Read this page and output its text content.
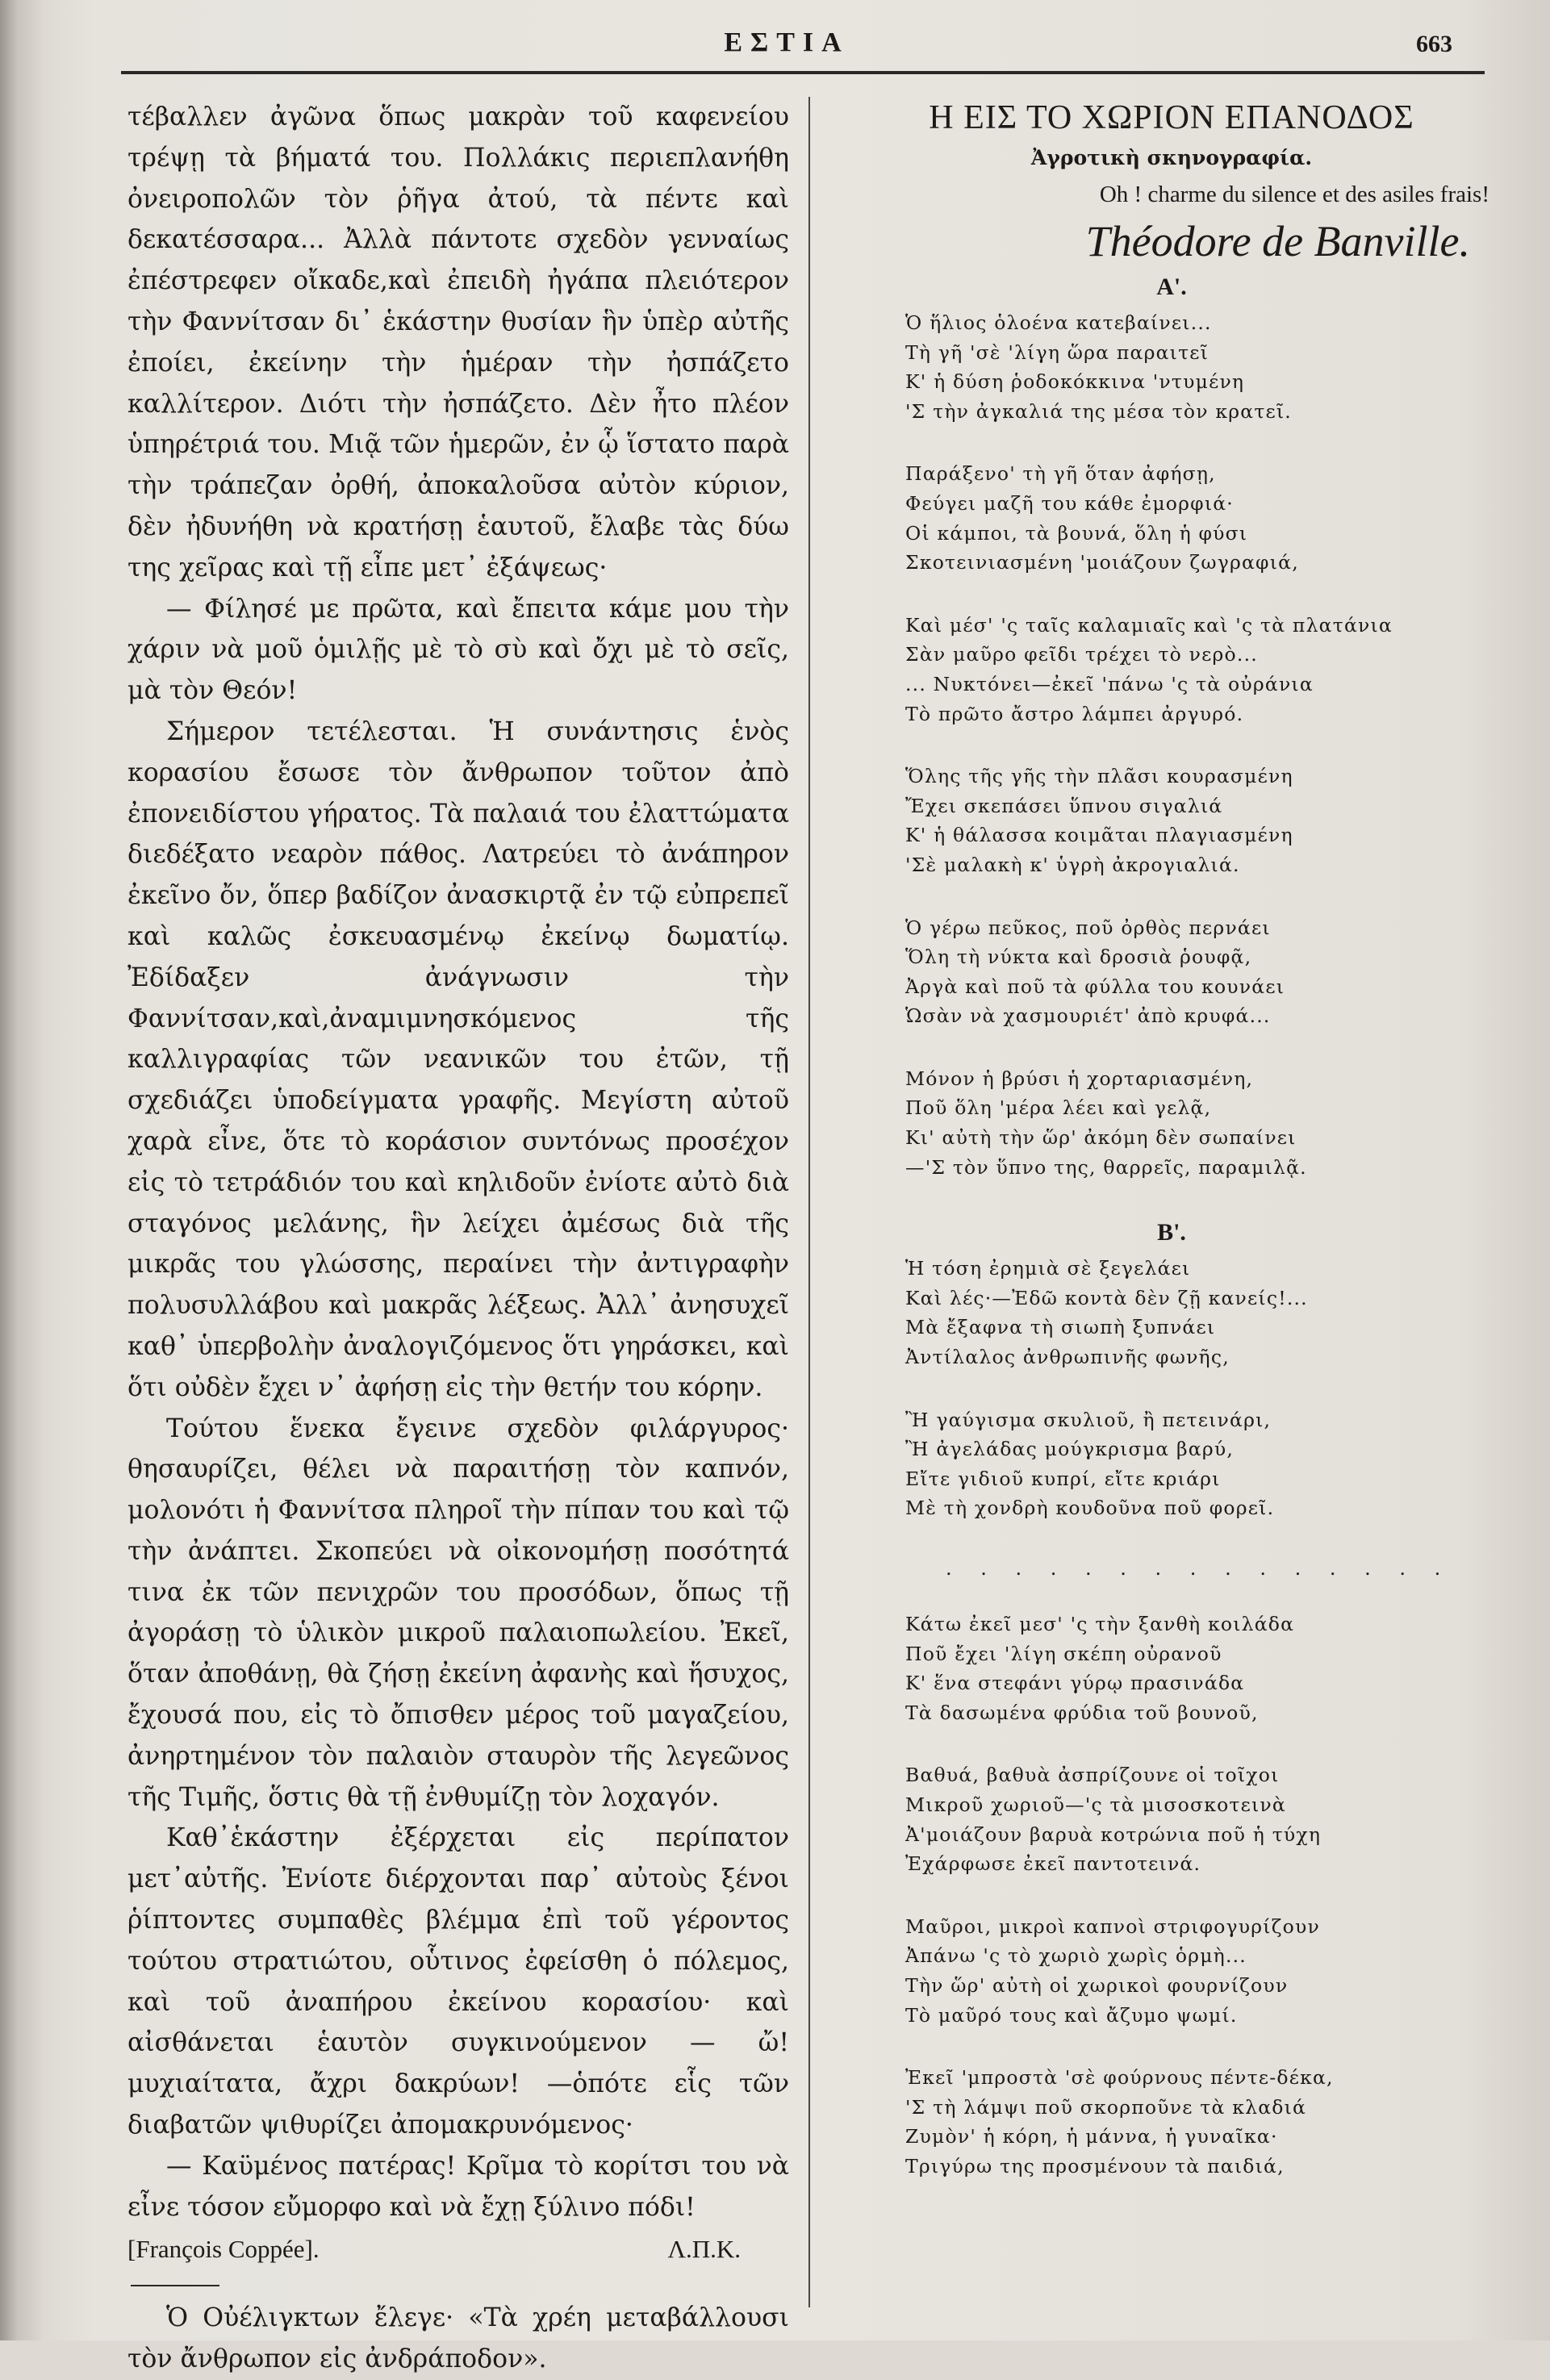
ΕΣΤΙΑ	663

τέβαλλεν ἀγῶνα ὅπως μακρὰν τοῦ καφενείου τρέψῃ τὰ βήματά του. Πολλάκις περιεπλανήθη ὀνειροπολῶν τὸν ῥῆγα ἀτού, τὰ πέντε καὶ δεκατέσσαρα... Ἀλλὰ πάντοτε σχεδὸν γενναίως ἐπέστρεφεν οἴκαδε,καὶ ἐπειδὴ ἠγάπα πλειότερον τὴν Φαννίτσαν δι᾽ ἑκάστην θυσίαν ἣν ὑπὲρ αὐτῆς ἐποίει, ἐκείνην τὴν ἡμέραν τὴν ἠσπάζετο καλλίτερον. Διότι τὴν ἠσπάζετο. Δὲν ἦτο πλέον ὑπηρέτριά του. Μιᾷ τῶν ἡμερῶν, ἐν ᾧ ἵστατο παρὰ τὴν τράπεζαν ὀρθή, ἀποκαλοῦσα αὐτὸν κύριον, δὲν ἠδυνήθη νὰ κρατήσῃ ἑαυτοῦ, ἔλαβε τὰς δύω της χεῖρας καὶ τῇ εἶπε μετ᾽ ἐξάψεως·

— Φίλησέ με πρῶτα, καὶ ἔπειτα κάμε μου τὴν χάριν νὰ μοῦ ὁμιλῇς μὲ τὸ σὺ καὶ ὄχι μὲ τὸ σεῖς, μὰ τὸν Θεόν!

Σήμερον τετέλεσται. Ἡ συνάντησις ἑνὸς κορασίου ἔσωσε τὸν ἄνθρωπον τοῦτον ἀπὸ ἐπονειδίστου γήρατος. Τὰ παλαιά του ἐλαττώματα διεδέξατο νεαρὸν πάθος. Λατρεύει τὸ ἀνάπηρον ἐκεῖνο ὄν, ὅπερ βαδίζον ἀνασκιρτᾷ ἐν τῷ εὐπρεπεῖ καὶ καλῶς ἐσκευασμένῳ ἐκείνῳ δωματίῳ. Ἐδίδαξεν ἀνάγνωσιν τὴν Φαννίτσαν,καὶ,ἀναμιμνησκόμενος τῆς καλλιγραφίας τῶν νεανικῶν του ἐτῶν, τῇ σχεδιάζει ὑποδείγματα γραφῆς. Μεγίστη αὐτοῦ χαρὰ εἶνε, ὅτε τὸ κοράσιον συντόνως προσέχον εἰς τὸ τετράδιόν του καὶ κηλιδοῦν ἐνίοτε αὐτὸ διὰ σταγόνος μελάνης, ἣν λείχει ἀμέσως διὰ τῆς μικρᾶς του γλώσσης, περαίνει τὴν ἀντιγραφὴν πολυσυλλάβου καὶ μακρᾶς λέξεως. Ἀλλ᾽ ἀνησυχεῖ καθ᾽ ὑπερβολὴν ἀναλογιζόμενος ὅτι γηράσκει, καὶ ὅτι οὐδὲν ἔχει ν᾽ ἀφήσῃ εἰς τὴν θετήν του κόρην.

Τούτου ἕνεκα ἔγεινε σχεδὸν φιλάργυρος· θησαυρίζει, θέλει νὰ παραιτήσῃ τὸν καπνόν, μολονότι ἡ Φαννίτσα πληροῖ τὴν πίπαν του καὶ τῷ τὴν ἀνάπτει. Σκοπεύει νὰ οἰκονομήσῃ ποσότητά τινα ἐκ τῶν πενιχρῶν του προσόδων, ὅπως τῇ ἀγοράσῃ τὸ ὑλικὸν μικροῦ παλαιοπωλείου. Ἐκεῖ, ὅταν ἀποθάνῃ, θὰ ζήσῃ ἐκείνη ἀφανὴς καὶ ἥσυχος, ἔχουσά που, εἰς τὸ ὄπισθεν μέρος τοῦ μαγαζείου, ἀνηρτημένον τὸν παλαιὸν σταυρὸν τῆς λεγεῶνος τῆς Τιμῆς, ὅστις θὰ τῇ ἐνθυμίζῃ τὸν λοχαγόν.

Καθ᾽ἑκάστην ἐξέρχεται εἰς περίπατον μετ᾽αὐτῆς. Ἐνίοτε διέρχονται παρ᾽ αὐτοὺς ξένοι ῥίπτοντες συμπαθὲς βλέμμα ἐπὶ τοῦ γέροντος τούτου στρατιώτου, οὗτινος ἐφείσθη ὁ πόλεμος, καὶ τοῦ ἀναπήρου ἐκείνου κορασίου· καὶ αἰσθάνεται ἑαυτὸν συγκινούμενον — ὤ! μυχιαίτατα, ἄχρι δακρύων! —ὁπότε εἷς τῶν διαβατῶν ψιθυρίζει ἀπομακρυνόμενος·

— Καϋμένος πατέρας! Κρῖμα τὸ κορίτσι του νὰ εἶνε τόσον εὔμορφο καὶ νὰ ἔχῃ ξύλινο πόδι!

[François Coppée].	Λ.Π.Κ.

Ὁ Οὐέλιγκτων ἔλεγε· «Τὰ χρέη μεταβάλλουσι τὸν ἄνθρωπον εἰς ἀνδράποδον».

Η ΕΙΣ ΤΟ ΧΩΡΙΟΝ ΕΠΑΝΟΔΟΣ
Ἀγροτικὴ σκηνογραφία.
Oh ! charme du silence et des asiles frais!
Théodore de Banville.
Α'.
Ὁ ἥλιος ὁλοένα κατεβαίνει...
Τὴ γῆ 'σὲ 'λίγη ὥρα παραιτεῖ
Κ' ἡ δύση ῥοδοκόκκινα 'ντυμένη
'Σ τὴν ἀγκαλιά της μέσα τὸν κρατεῖ.
Παράξενο' τὴ γῆ ὅταν ἀφήσῃ,
Φεύγει μαζῆ του κάθε ἐμορφιά·
Οἱ κάμποι, τὰ βουνά, ὅλη ἡ φύσι
Σκοτεινιασμένη 'μοιάζουν ζωγραφιά,
Καὶ μέσ' 'ς ταῖς καλαμιαῖς καὶ 'ς τὰ πλατάνια
Σὰν μαῦρο φεῖδι τρέχει τὸ νερὸ...
... Νυκτόνει—ἐκεῖ 'πάνω 'ς τὰ οὐράνια
Τὸ πρῶτο ἄστρο λάμπει ἀργυρό.
Ὅλης τῆς γῆς τὴν πλᾶσι κουρασμένη
Ἔχει σκεπάσει ὕπνου σιγαλιά
Κ' ἡ θάλασσα κοιμᾶται πλαγιασμένη
'Σὲ μαλακὴ κ' ὑγρὴ ἀκρογιαλιά.
Ὁ γέρω πεῦκος, ποῦ ὀρθὸς περνάει
Ὅλη τὴ νύκτα καὶ δροσιὰ ῥουφᾷ,
Ἀργὰ καὶ ποῦ τὰ φύλλα του κουνάει
Ὡσὰν νὰ χασμουριέτ' ἀπὸ κρυφά...
Μόνον ἡ βρύσι ἡ χορταριασμένη,
Ποῦ ὅλη 'μέρα λέει καὶ γελᾷ,
Κι' αὐτὴ τὴν ὥρ' ἀκόμη δὲν σωπαίνει
—'Σ τὸν ὕπνο της, θαρρεῖς, παραμιλᾷ.
Β'.
Ἡ τόση ἐρημιὰ σὲ ξεγελάει
Καὶ λές·—Ἐδῶ κοντὰ δὲν ζῇ κανείς!...
Μὰ ἔξαφνα τὴ σιωπὴ ξυπνάει
Ἀντίλαλος ἀνθρωπινῆς φωνῆς,
Ἢ γαύγισμα σκυλιοῦ, ἢ πετεινάρι,
Ἢ ἀγελάδας μούγκρισμα βαρύ,
Εἴτε γιδιοῦ κυπρί, εἴτε κριάρι
Μὲ τὴ χονδρὴ κουδοῦνα ποῦ φορεῖ.
. . . . . . . . . . . . . . .
Κάτω ἐκεῖ μεσ' 'ς τὴν ξανθὴ κοιλάδα
Ποῦ ἔχει 'λίγη σκέπη οὐρανοῦ
Κ' ἕνα στεφάνι γύρῳ πρασινάδα
Τὰ δασωμένα φρύδια τοῦ βουνοῦ,
Βαθυά, βαθυὰ ἀσπρίζουνε οἱ τοῖχοι
Μικροῦ χωριοῦ—'ς τὰ μισοσκοτεινὰ
Ἀ'μοιάζουν βαρυὰ κοτρώνια ποῦ ἡ τύχη
Ἐχάρφωσε ἐκεῖ παντοτεινά.
Μαῦροι, μικροὶ καπνοὶ στριφογυρίζουν
Ἀπάνω 'ς τὸ χωριὸ χωρὶς ὁρμὴ...
Τὴν ὥρ' αὐτὴ οἱ χωρικοὶ φουρνίζουν
Τὸ μαῦρό τους καὶ ἄζυμο ψωμί.
Ἐκεῖ 'μπροστὰ 'σὲ φούρνους πέντε-δέκα,
'Σ τὴ λάμψι ποῦ σκορποῦνε τὰ κλαδιά
Ζυμὸν' ἡ κόρη, ἡ μάννα, ἡ γυναῖκα·
Τριγύρω της προσμένουν τὰ παιδιά,
